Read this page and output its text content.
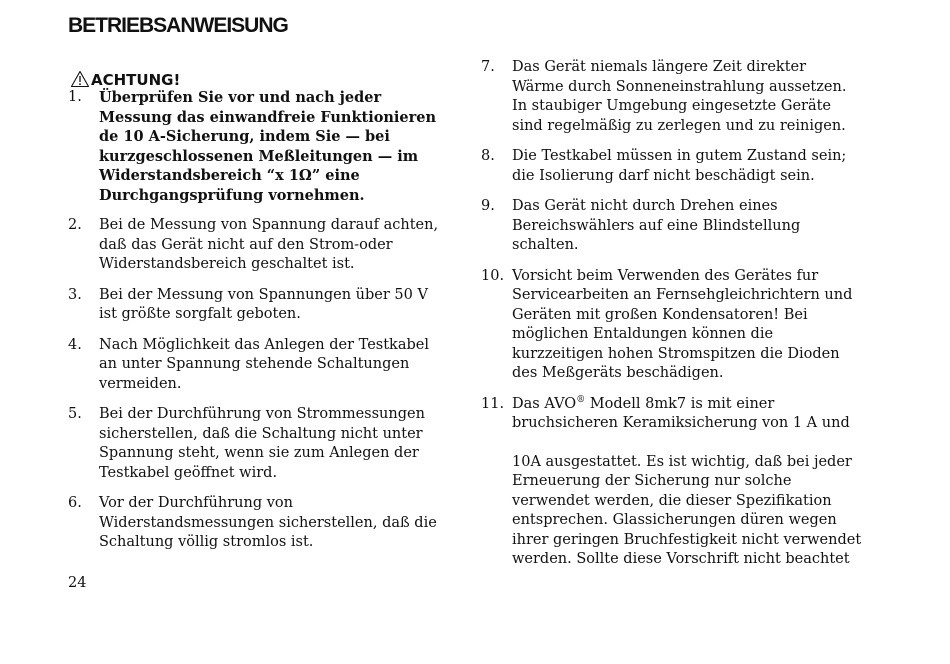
BETRIEBSANWEISUNG
ACHTUNG!
1.	Überprüfen Sie vor und nach jeder
Messung das einwandfreie Funktionieren
de 10 A-Sicherung, indem Sie — bei
kurzgeschlossenen Meßleitungen — im
Widerstandsbereich “x 1Ω” eine
Durchgangsprüfung vornehmen.
2.	Bei de Messung von Spannung darauf achten,
daß das Gerät nicht auf den Strom-oder
Widerstandsbereich geschaltet ist.
3.	Bei der Messung von Spannungen über 50 V
ist größte sorgfalt geboten.
4.	Nach Möglichkeit das Anlegen der Testkabel
an unter Spannung stehende Schaltungen
vermeiden.
5.	Bei der Durchführung von Strommessungen
sicherstellen, daß die Schaltung nicht unter
Spannung steht, wenn sie zum Anlegen der
Testkabel geöffnet wird.
6.	Vor der Durchführung von
Widerstandsmessungen sicherstellen, daß die
Schaltung völlig stromlos ist.
7.	Das Gerät niemals längere Zeit direkter
Wärme durch Sonneneinstrahlung aussetzen.
In staubiger Umgebung eingesetzte Geräte
sind regelmäßig zu zerlegen und zu reinigen.
8.	Die Testkabel müssen in gutem Zustand sein;
die Isolierung darf nicht beschädigt sein.
9.	Das Gerät nicht durch Drehen eines
Bereichswählers auf eine Blindstellung
schalten.
10. Vorsicht beim Verwenden des Gerätes fur
Servicearbeiten an Fernsehgleichrichtern und
Geräten mit großen Kondensatoren! Bei
möglichen Entaldungen können die
kurzzeitigen hohen Stromspitzen die Dioden
des Meßgeräts beschädigen.
11. Das AVO® Modell 8mk7 is mit einer
bruchsicheren Keramiksicherung von 1 A und
10A ausgestattet. Es ist wichtig, daß bei jeder
Erneuerung der Sicherung nur solche
verwendet werden, die dieser Spezifikation
entsprechen. Glassicherungen düren wegen
ihrer geringen Bruchfestigkeit nicht verwendet
werden. Sollte diese Vorschrift nicht beachtet
24
